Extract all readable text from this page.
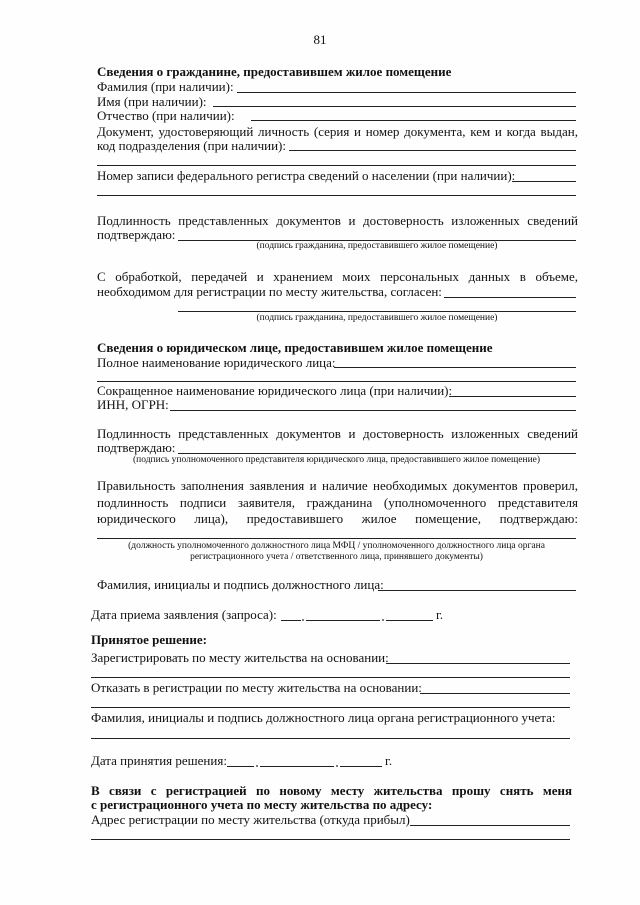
81
Сведения о гражданине, предоставившем жилое помещение
Фамилия (при наличии):
Имя (при наличии):
Отчество (при наличии):
Документ, удостоверяющий личность (серия и номер документа, кем и когда выдан,
код подразделения (при наличии):
Номер записи федерального регистра сведений о населении (при наличии):
Подлинность представленных документов и достоверность изложенных сведений
подтверждаю:
(подпись гражданина, предоставившего жилое помещение)
С обработкой, передачей и хранением моих персональных данных в объеме,
необходимом для регистрации по месту жительства, согласен:
(подпись гражданина, предоставившего жилое помещение)
Сведения о юридическом лице, предоставившем жилое помещение
Полное наименование юридического лица:
Сокращенное наименование юридического лица (при наличии):
ИНН, ОГРН:
Подлинность представленных документов и достоверность изложенных сведений
подтверждаю:
(подпись уполномоченного представителя юридического лица, предоставившего жилое помещение)
Правильность заполнения заявления и наличие необходимых документов проверил,
подлинность подписи заявителя, гражданина (уполномоченного представителя
юридического лица), предоставившего жилое помещение, подтверждаю:
(должность уполномоченного должностного лица МФЦ / уполномоченного должностного лица органа
регистрационного учета / ответственного лица, принявшего документы)
Фамилия, инициалы и подпись должностного лица:
Дата приема заявления (запроса):	г.
Принятое решение:
Зарегистрировать по месту жительства на основании:
Отказать в регистрации по месту жительства на основании:
Фамилия, инициалы и подпись должностного лица органа регистрационного учета:
Дата принятия решения:	г.
В связи с регистрацией по новому месту жительства прошу снять меня
с регистрационного учета по месту жительства по адресу:
Адрес регистрации по месту жительства (откуда прибыл)
